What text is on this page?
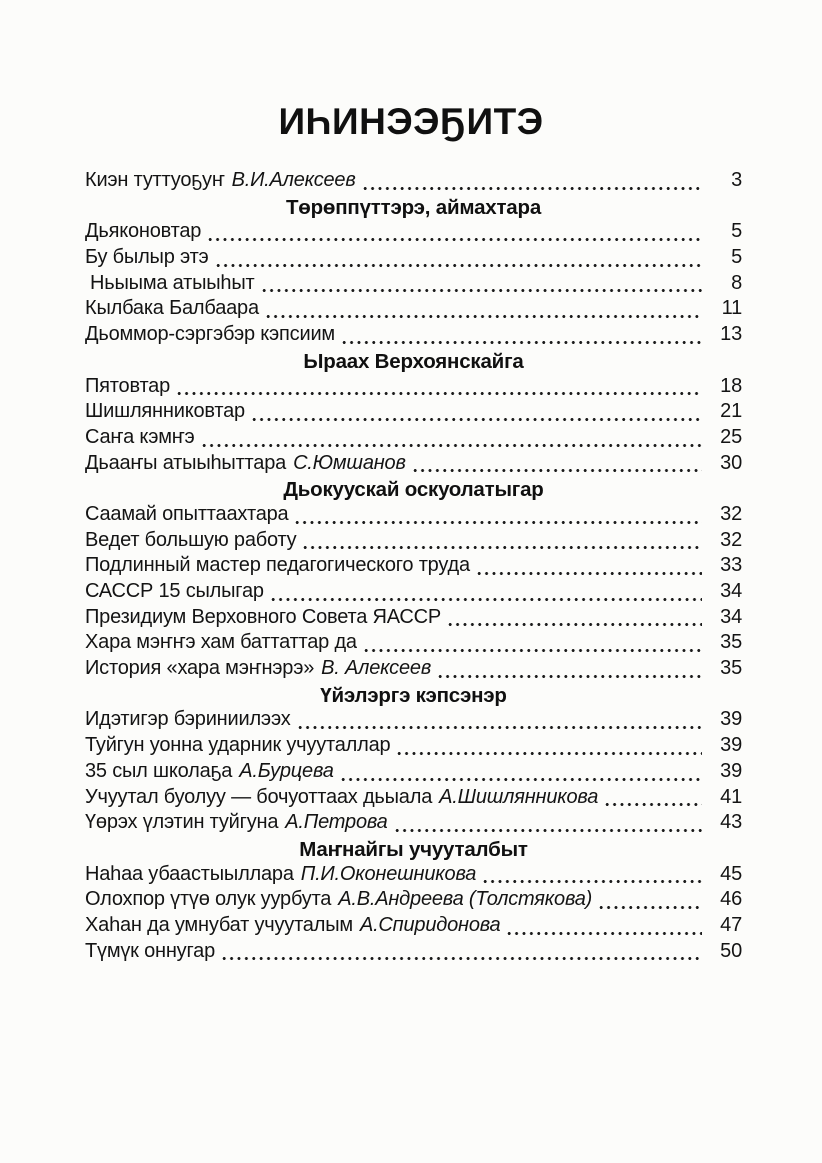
ИҺИНЭЭҔИТЭ
Киэн туттуоҕуҥ В.И.Алексеев	3
Төрөппүттэрэ, аймахтара
Дьяконовтар	5
Бу былыр этэ	5
Ньыыма атыыһыт	8
Кылбака Балбаара	11
Дьоммор-сэргэбэр кэпсиим	13
Ыраах Верхоянскайга
Пятовтар	18
Шишлянниковтар	21
Саҥа кэмҥэ	25
Дьааҥы атыыһыттара С.Юмшанов	30
Дьокуускай оскуолатыгар
Саамай опыттаахтара	32
Ведет большую работу	32
Подлинный мастер педагогического труда	33
САССР 15 сылыгар	34
Президиум Верховного Совета ЯАССР	34
Хара мэҥҥэ хам баттаттар да	35
История «хара мэҥнэрэ» В. Алексеев	35
Үйэлэргэ кэпсэнэр
Идэтигэр бэриниилээх	39
Туйгун уонна ударник учууталлар	39
35 сыл школаҕа А.Бурцева	39
Учуутал буолуу — бочуоттаах дьыала А.Шишлянникова	41
Үөрэх үлэтин туйгуна А.Петрова	43
Маҥнайгы учууталбыт
Наһаа убаастыыллара П.И.Оконешникова	45
Олохпор үтүө олук уурбута А.В.Андреева (Толстякова)	46
Хаһан да умнубат учууталым А.Спиридонова	47
Түмүк оннугар	50
